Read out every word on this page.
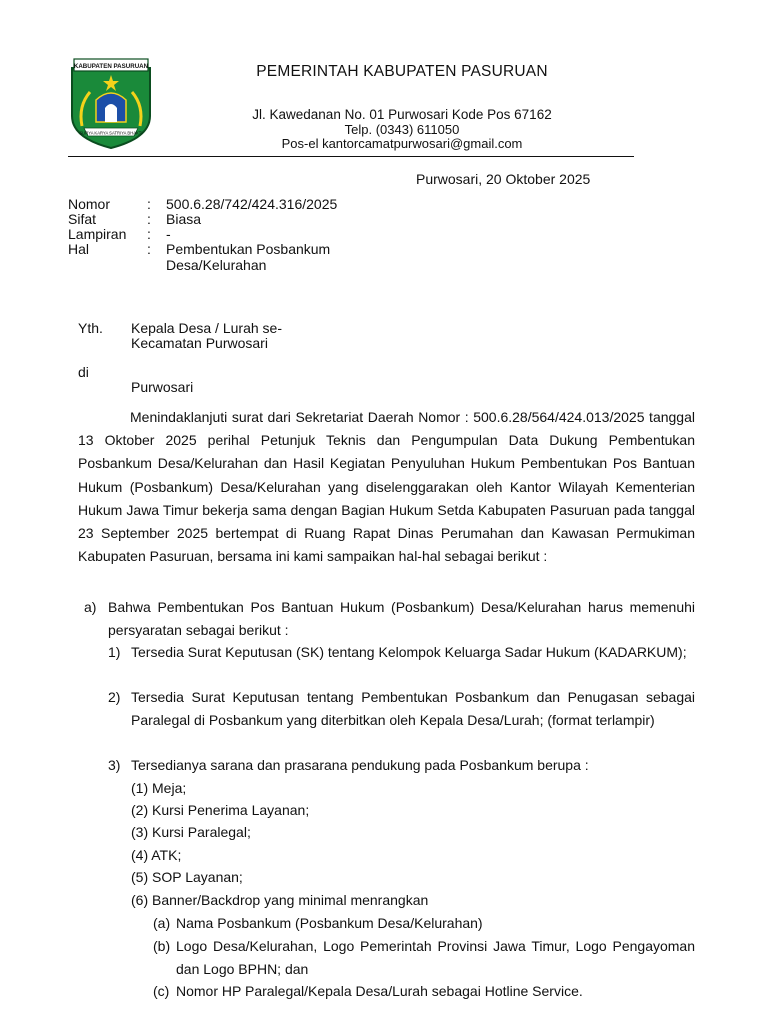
KABUPATEN PASURUAN
SURYA KARYA SATRIYA BHAKTI
PEMERINTAH KABUPATEN PASURUAN
Jl. Kawedanan No. 01 Purwosari Kode Pos 67162
Telp. (0343) 611050
Pos-el kantorcamatpurwosari@gmail.com
Purwosari, 20 Oktober 2025
Nomor	: 500.6.28/742/424.316/2025
Sifat	: Biasa
Lampiran : -
Hal	: Pembentukan Posbankum
Desa/Kelurahan
Yth. Kepala Desa / Lurah se-
Kecamatan Purwosari
di
Purwosari

Menindaklanjuti surat dari Sekretariat Daerah Nomor : 500.6.28/564/424.013/2025 tanggal 13 Oktober 2025 perihal Petunjuk Teknis dan Pengumpulan Data Dukung Pembentukan Posbankum Desa/Kelurahan dan Hasil Kegiatan Penyuluhan Hukum Pembentukan Pos Bantuan Hukum (Posbankum) Desa/Kelurahan yang diselenggarakan oleh Kantor Wilayah Kementerian Hukum Jawa Timur bekerja sama dengan Bagian Hukum Setda Kabupaten Pasuruan pada tanggal 23 September 2025 bertempat di Ruang Rapat Dinas Perumahan dan Kawasan Permukiman Kabupaten Pasuruan, bersama ini kami sampaikan hal-hal sebagai berikut :

a) Bahwa Pembentukan Pos Bantuan Hukum (Posbankum) Desa/Kelurahan harus memenuhi persyaratan sebagai berikut :
1) Tersedia Surat Keputusan (SK) tentang Kelompok Keluarga Sadar Hukum (KADARKUM);
2) Tersedia Surat Keputusan tentang Pembentukan Posbankum dan Penugasan sebagai Paralegal di Posbankum yang diterbitkan oleh Kepala Desa/Lurah; (format terlampir)
3) Tersedianya sarana dan prasarana pendukung pada Posbankum berupa :
(1) Meja;
(2) Kursi Penerima Layanan;
(3) Kursi Paralegal;
(4) ATK;
(5) SOP Layanan;
(6) Banner/Backdrop yang minimal menrangkan
(a) Nama Posbankum (Posbankum Desa/Kelurahan)
(b) Logo Desa/Kelurahan, Logo Pemerintah Provinsi Jawa Timur, Logo Pengayoman dan Logo BPHN; dan
(c) Nomor HP Paralegal/Kepala Desa/Lurah sebagai Hotline Service.
